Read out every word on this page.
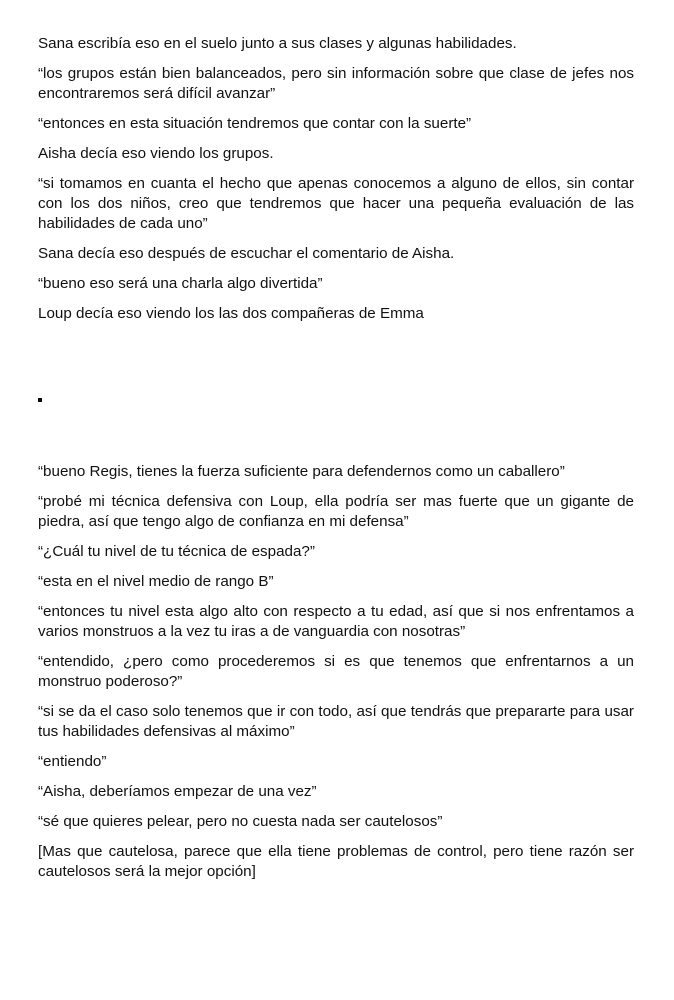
Sana escribía eso en el suelo junto a sus clases y algunas habilidades.

“los grupos están bien balanceados, pero sin información sobre que clase de jefes nos encontraremos será difícil avanzar”

“entonces en esta situación tendremos que contar con la suerte”

Aisha decía eso viendo los grupos.

“si tomamos en cuanta el hecho que apenas conocemos a alguno de ellos, sin contar con los dos niños, creo que tendremos que hacer una pequeña evaluación de las habilidades de cada uno”

Sana decía eso después de escuchar el comentario de Aisha.

“bueno eso será una charla algo divertida”

Loup decía eso viendo los las dos compañeras de Emma

“bueno Regis, tienes la fuerza suficiente para defendernos como un caballero”

“probé mi técnica defensiva con Loup, ella podría ser mas fuerte que un gigante de piedra, así que tengo algo de confianza en mi defensa”

“¿Cuál tu nivel de tu técnica de espada?”

“esta en el nivel medio de rango B”

“entonces tu nivel esta algo alto con respecto a tu edad, así que si nos enfrentamos a varios monstruos a la vez tu iras a de vanguardia con nosotras”

“entendido, ¿pero como procederemos si es que tenemos que enfrentarnos a un monstruo poderoso?”

“si se da el caso solo tenemos que ir con todo, así que tendrás que prepararte para usar tus habilidades defensivas al máximo”

“entiendo”

“Aisha, deberíamos empezar de una vez”

“sé que quieres pelear, pero no cuesta nada ser cautelosos”

[Mas que cautelosa, parece que ella tiene problemas de control, pero tiene razón ser cautelosos será la mejor opción]
